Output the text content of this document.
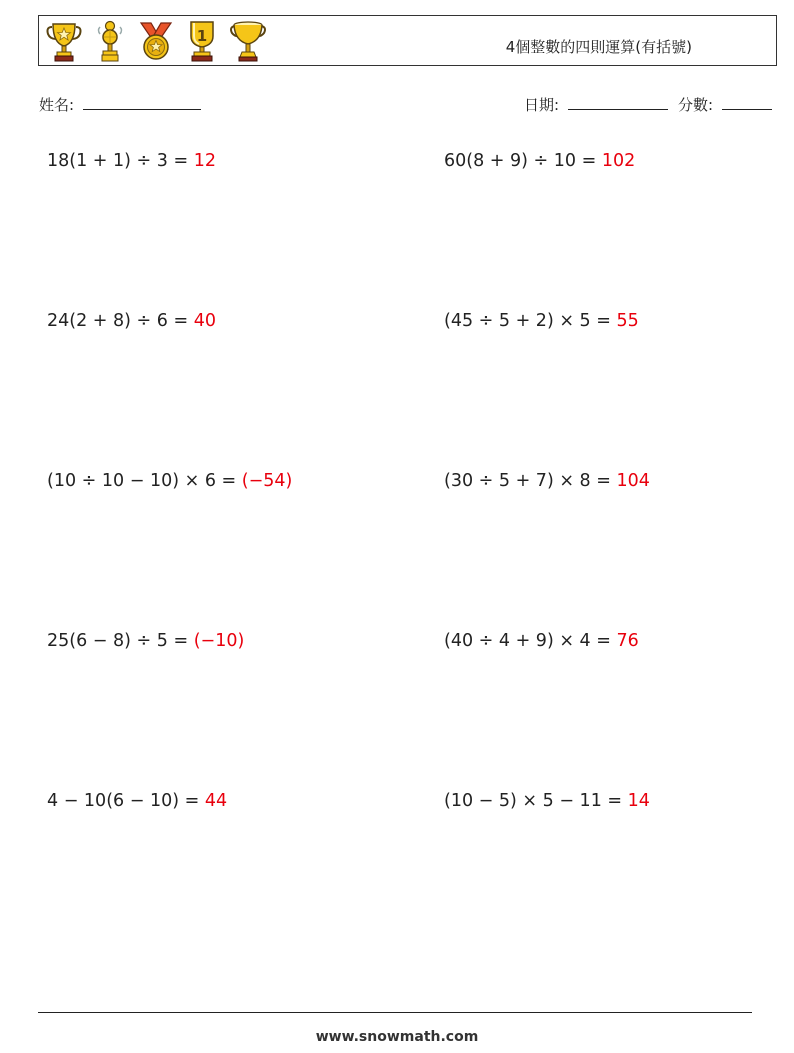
1
4個整數的四則運算(有括號)
姓名:	日期:	分數:
18(1 + 1) ÷ 3 = 12	60(8 + 9) ÷ 10 = 102
24(2 + 8) ÷ 6 = 40	(45 ÷ 5 + 2) × 5 = 55
(10 ÷ 10 − 10) × 6 = (−54)	(30 ÷ 5 + 7) × 8 = 104
25(6 − 8) ÷ 5 = (−10)	(40 ÷ 4 + 9) × 4 = 76
4 − 10(6 − 10) = 44	(10 − 5) × 5 − 11 = 14
www.snowmath.com
